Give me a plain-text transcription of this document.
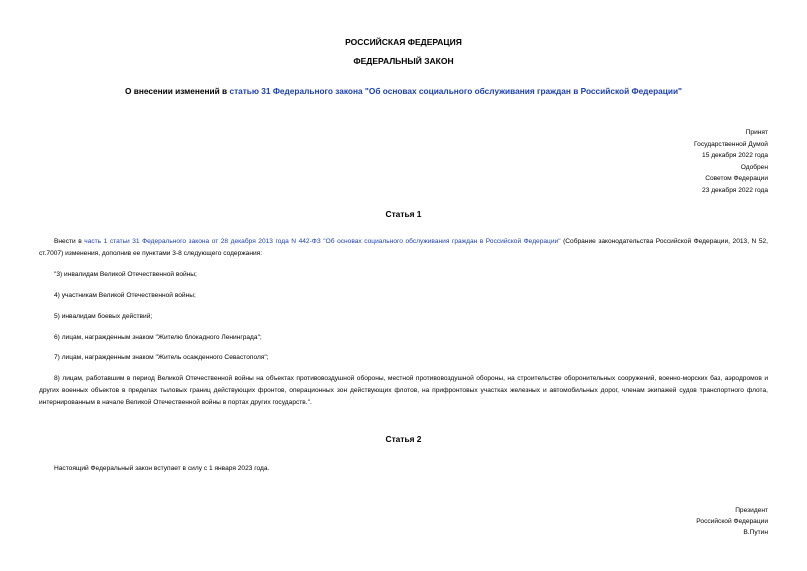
РОССИЙСКАЯ ФЕДЕРАЦИЯ
ФЕДЕРАЛЬНЫЙ ЗАКОН
О внесении изменений в статью 31 Федерального закона "Об основах социального обслуживания граждан в Российской Федерации"
Принят
Государственной Думой
15 декабря 2022 года
Одобрен
Советом Федерации
23 декабря 2022 года
Статья 1
Внести в часть 1 статьи 31 Федерального закона от 28 декабря 2013 года N 442-ФЗ "Об основах социального обслуживания граждан в Российской Федерации" (Собрание законодательства Российской Федерации, 2013, N 52, ст.7007) изменения, дополнив ее пунктами 3-8 следующего содержания:
"3) инвалидам Великой Отечественной войны;
4) участникам Великой Отечественной войны;
5) инвалидам боевых действий;
6) лицам, награжденным знаком "Жителю блокадного Ленинграда";
7) лицам, награжденным знаком "Житель осажденного Севастополя";
8) лицам, работавшим в период Великой Отечественной войны на объектах противовоздушной обороны, местной противовоздушной обороны, на строительстве оборонительных сооружений, военно-морских баз, аэродромов и других военных объектов в пределах тыловых границ действующих фронтов, операционных зон действующих флотов, на прифронтовых участках железных и автомобильных дорог, членам экипажей судов транспортного флота, интернированным в начале Великой Отечественной войны в портах других государств.".
Статья 2
Настоящий Федеральный закон вступает в силу с 1 января 2023 года.
Президент
Российской Федерации
В.Путин
